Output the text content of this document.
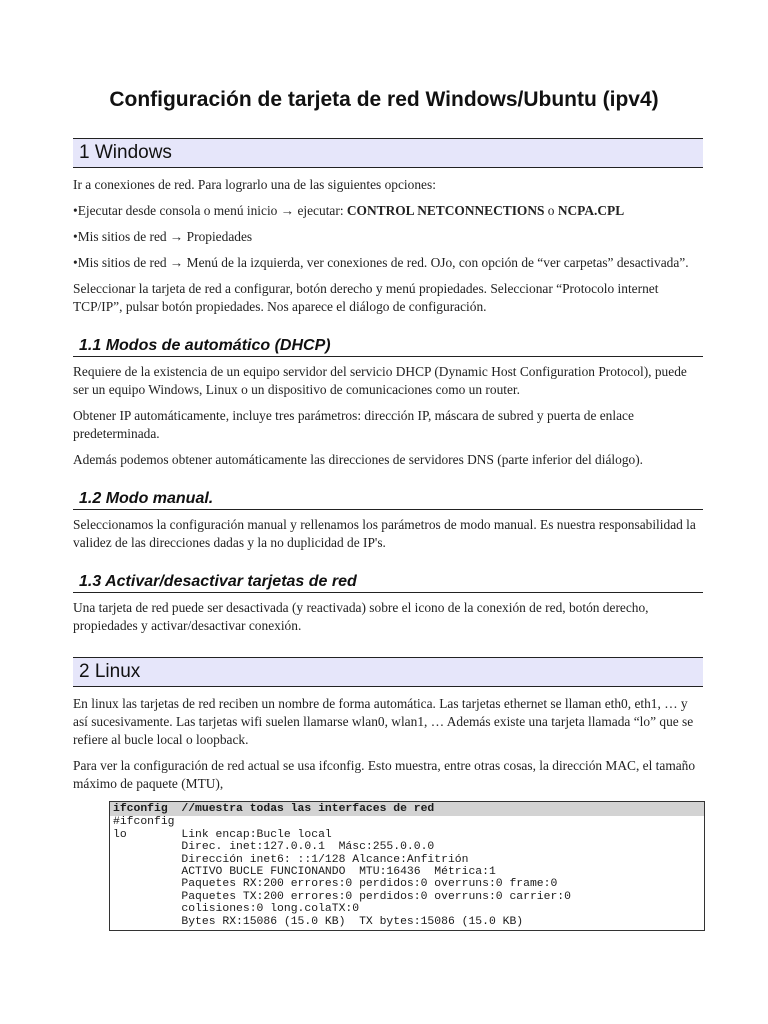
Configuración de tarjeta de red Windows/Ubuntu (ipv4)
1 Windows

Ir a conexiones de red. Para lograrlo una de las siguientes opciones:

•Ejecutar desde consola o menú inicio → ejecutar: CONTROL NETCONNECTIONS o NCPA.CPL

•Mis sitios de red → Propiedades

•Mis sitios de red → Menú de la izquierda, ver conexiones de red. OJo, con opción de “ver carpetas” desactivada”.

Seleccionar la tarjeta de red a configurar, botón derecho y menú propiedades. Seleccionar “Protocolo internet TCP/IP”, pulsar botón propiedades. Nos aparece el diálogo de configuración.

1.1 Modos de automático (DHCP)

Requiere de la existencia de un equipo servidor del servicio DHCP (Dynamic Host Configuration Protocol), puede ser un equipo Windows, Linux o un dispositivo de comunicaciones como un router.

Obtener IP automáticamente, incluye tres parámetros: dirección IP, máscara de subred y puerta de enlace predeterminada.

Además podemos obtener automáticamente las direcciones de servidores DNS (parte inferior del diálogo).

1.2 Modo manual.

Seleccionamos la configuración manual y rellenamos los parámetros de modo manual. Es nuestra responsabilidad la validez de las direcciones dadas y la no duplicidad de IP's.

1.3 Activar/desactivar tarjetas de red

Una tarjeta de red puede ser desactivada (y reactivada) sobre el icono de la conexión de red, botón derecho, propiedades y activar/desactivar conexión.

2 Linux

En linux las tarjetas de red reciben un nombre de forma automática. Las tarjetas ethernet se llaman eth0, eth1, … y así sucesivamente. Las tarjetas wifi suelen llamarse wlan0, wlan1, … Además existe una tarjeta llamada “lo” que se refiere al bucle local o loopback.

Para ver la configuración de red actual se usa ifconfig. Esto muestra, entre otras cosas, la dirección MAC, el tamaño máximo de paquete (MTU),

ifconfig  //muestra todas las interfaces de red
#ifconfig
lo        Link encap:Bucle local
Direc. inet:127.0.0.1  Másc:255.0.0.0
Dirección inet6: ::1/128 Alcance:Anfitrión
ACTIVO BUCLE FUNCIONANDO  MTU:16436  Métrica:1
Paquetes RX:200 errores:0 perdidos:0 overruns:0 frame:0
Paquetes TX:200 errores:0 perdidos:0 overruns:0 carrier:0
colisiones:0 long.colaTX:0
Bytes RX:15086 (15.0 KB)  TX bytes:15086 (15.0 KB)
